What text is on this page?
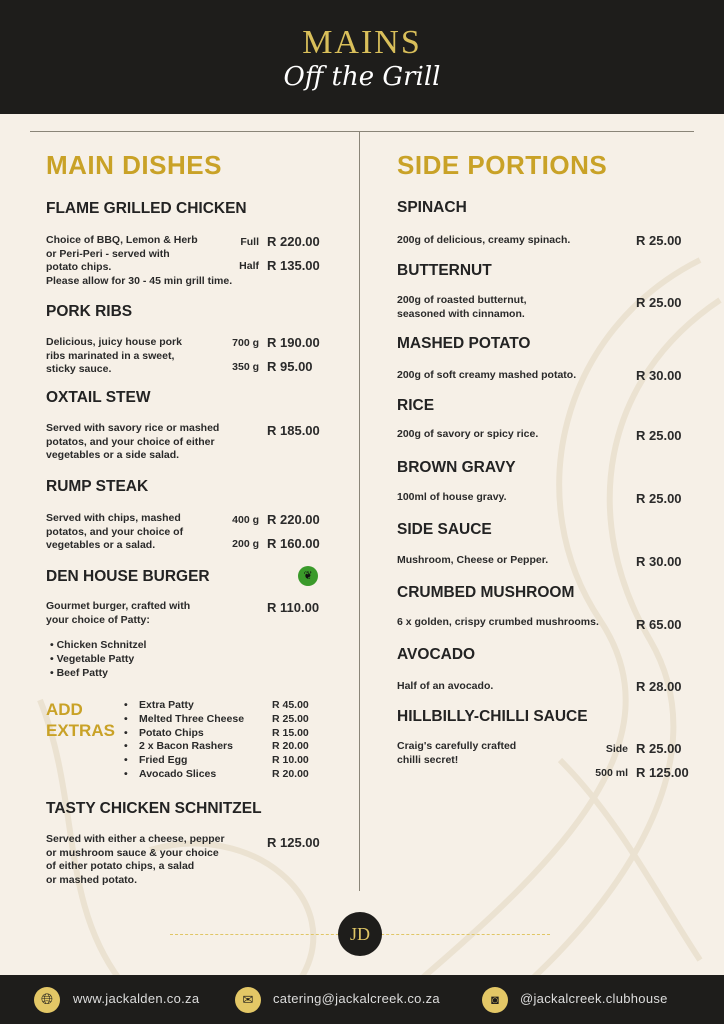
MAINS
Off the Grill
MAIN DISHES	SIDE PORTIONS
FLAME GRILLED CHICKEN
Choice of BBQ, Lemon & Herb
or Peri-Peri - served with
potato chips.
Please allow for 30 - 45 min grill time.
Full R 220.00
Half R 135.00
PORK RIBS
Delicious, juicy house pork
ribs marinated in a sweet,
sticky sauce.
700 g R 190.00
350 g R 95.00
OXTAIL STEW
Served with savory rice or mashed
potatos, and your choice of either
vegetables or a side salad.
R 185.00
RUMP STEAK
Served with chips, mashed
potatos, and your choice of
vegetables or a salad.
400 g R 220.00
200 g R 160.00
DEN HOUSE BURGER
Gourmet burger, crafted with
your choice of Patty:
R 110.00
TASTY CHICKEN SCHNITZEL
Served with either a cheese, pepper
or mushroom sauce & your choice
of either potato chips, a salad
or mashed potato.
R 125.00
SPINACH
200g of delicious, creamy spinach.	R 25.00
BUTTERNUT
200g of roasted butternut,
seasoned with cinnamon.
R 25.00
MASHED POTATO
200g of soft creamy mashed potato.	R 30.00
RICE
200g of savory or spicy rice.	R 25.00
BROWN GRAVY
100ml of house gravy.	R 25.00
SIDE SAUCE
Mushroom, Cheese or Pepper.	R 30.00
CRUMBED MUSHROOM
6 x golden, crispy crumbed mushrooms.	R 65.00
AVOCADO
Half of an avocado.	R 28.00
HILLBILLY-CHILLI SAUCE
Craig's carefully crafted
chilli secret!
Side R 25.00
500 ml R 125.00
❦
• Chicken Schnitzel
• Vegetable Patty
• Beef Patty
ADD
EXTRAS
• Extra Patty	R 45.00
• Melted Three Cheese	R 25.00
• Potato Chips	R 15.00
• 2 x Bacon Rashers	R 20.00
• Fried Egg	R 10.00
• Avocado Slices	R 20.00
JD
🌐︎	www.jackalden.co.za	✉	catering@jackalcreek.co.za	◙	@jackalcreek.clubhouse
